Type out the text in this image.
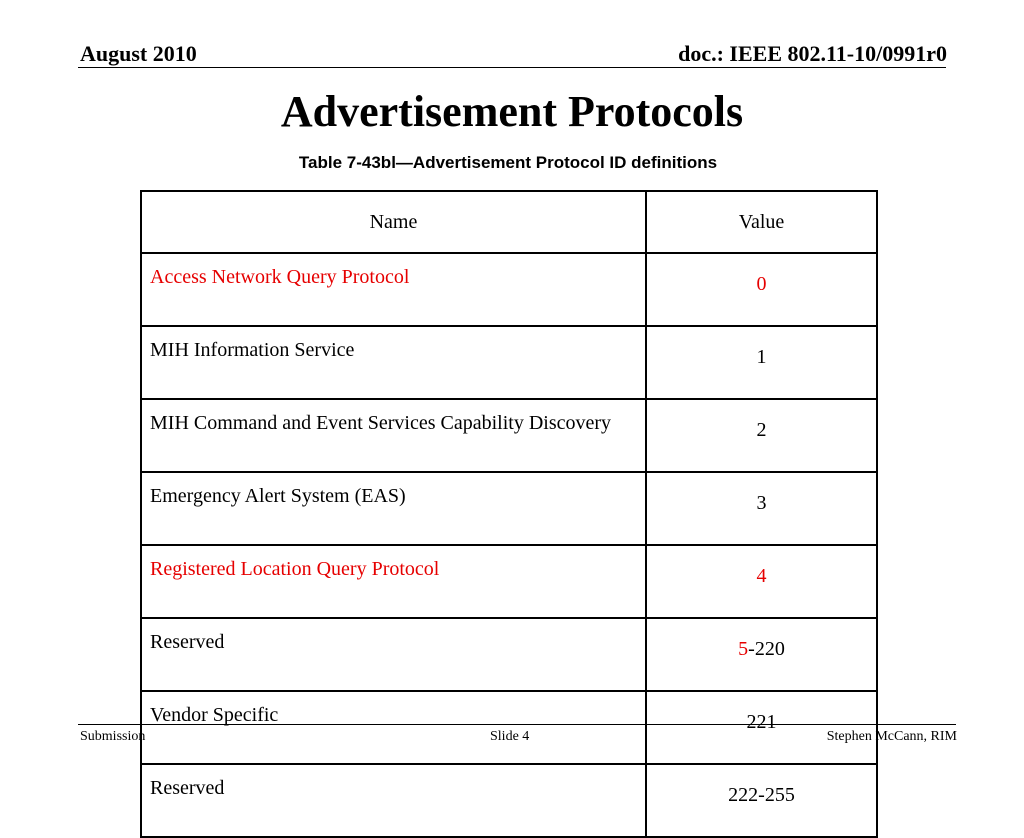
August 2010	doc.: IEEE 802.11-10/0991r0
Advertisement Protocols
Table 7-43bl—Advertisement Protocol ID definitions
Name	Value
Access Network Query Protocol	0
MIH Information Service	1
MIH Command and Event Services Capability Discovery	2
Emergency Alert System (EAS)	3
Registered Location Query Protocol	4
Reserved	5-220
Vendor Specific	221
Reserved	222-255
Submission	Slide 4	Stephen McCann, RIM
